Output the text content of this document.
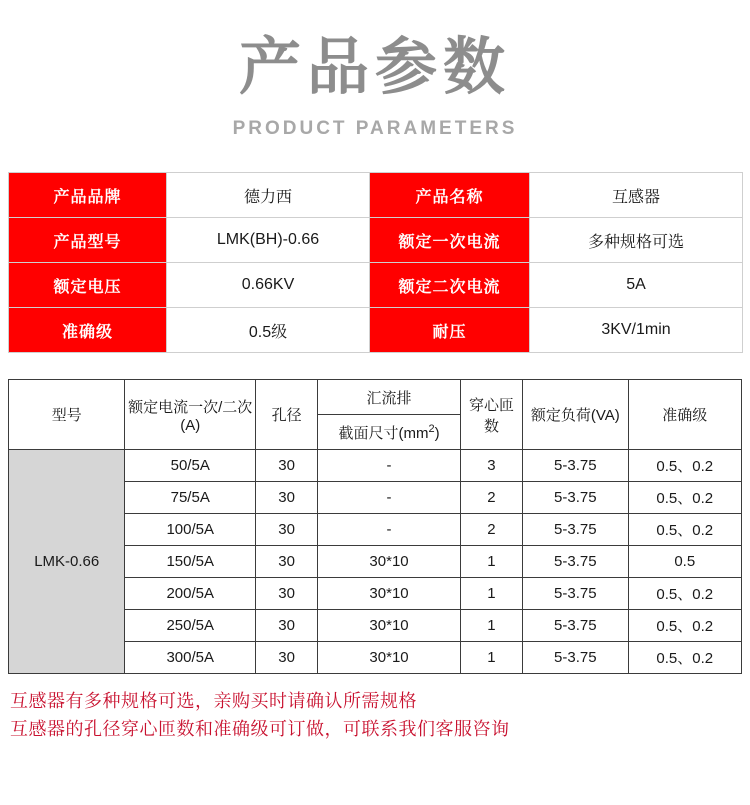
产品参数
PRODUCT PARAMETERS
产品品牌	德力西	产品名称	互感器
产品型号	LMK(BH)-0.66	额定一次电流	多种规格可选
额定电压	0.66KV	额定二次电流	5A
准确级	0.5级	耐压	3KV/1min
型号	额定电流一次/二次(A)	孔径	汇流排	穿心匝数	额定负荷(VA)	准确级
			截面尺寸$(mm^2)$			
LMK-0.66	50/5A	30	-	3	5-3.75	0.5、0.2
	75/5A	30	-	2	5-3.75	0.5、0.2
	100/5A	30	-	2	5-3.75	0.5、0.2
	150/5A	30	30*10	1	5-3.75	0.5
	200/5A	30	30*10	1	5-3.75	0.5、0.2
	250/5A	30	30*10	1	5-3.75	0.5、0.2
	300/5A	30	30*10	1	5-3.75	0.5、0.2
互感器有多种规格可选，亲购买时请确认所需规格
互感器的孔径穿心匝数和准确级可订做，可联系我们客服咨询
